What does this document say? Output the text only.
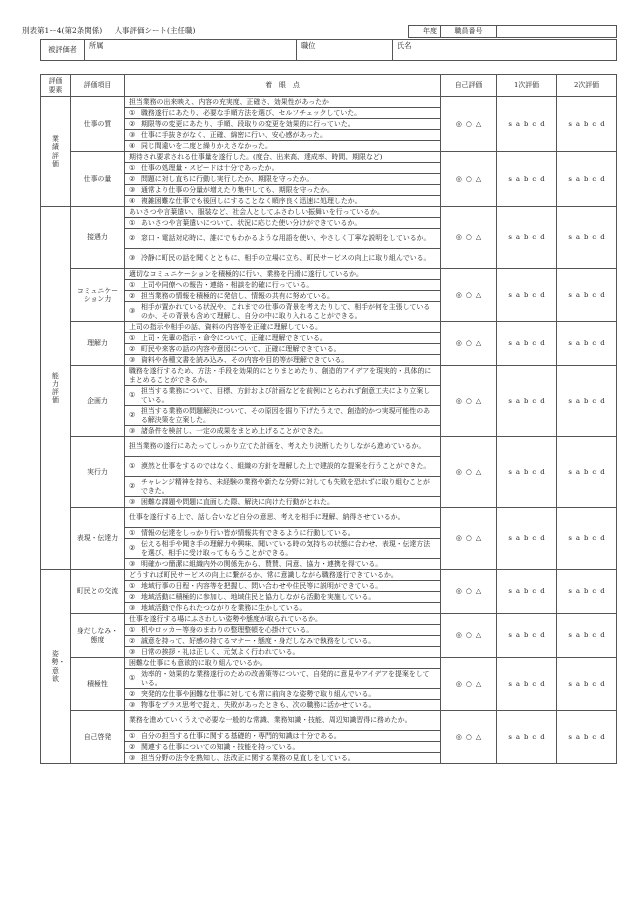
別表第1ー4(第2条関係) 人事評価シート(主任職)	年度	職員番号	
被評価者	所属	職位	氏名
評価
要素	評価項目	着　眼　点	自己評価	1次評価	2次評価
業績評価	仕事の質	担当業務の出来映え、内容の充実度、正確さ、効果性があったか	◎ ○ △	s a b c d	s a b c d

		① 職務遂行にあたり、必要な手順方法を選び、セルフチェックしていた。			

		② 期限等の変更にあたり、手順、段取りの変更を効果的に行っていた。			

		③ 仕事に手抜きがなく、正確、綿密に行い、安心感があった。			

		④ 同じ間違いを二度と繰りかえさなかった。			

	仕事の量	期待され要求される仕事量を遂行した。(度合、出来高、達成率、時間、期限など)	◎ ○ △	s a b c d	s a b c d

		① 仕事の処理量・スピードは十分であったか。			

		② 問題に対し直ちに行動し実行したか、期限を守ったか。			

		③ 通常より仕事の分量が增えたり集中しても、期限を守ったか。			

		④ 複雑困難な仕事でも後回しにすることなく順序良く迅速に処理したか。			

能力評価	接遇力	あいさつや言葉遣い、服装など、社会人としてふさわしい振舞いを行っているか。	◎ ○ △	s a b c d	s a b c d

		① あいさつや言葉遣いについて、状況に応じた使い分けができているか。			

		② 窓口・電話対応時に、誰にでもわかるような用語を使い、やさしく丁寧な説明をしているか。			

		③ 冷静に町民の話を聞くとともに、相手の立場に立ち、町民サービスの向上に取り組んでいる。			

	コミュニケーション力	適切なコミュニケーションを積極的に行い、業務を円滑に遂行しているか。	◎ ○ △	s a b c d	s a b c d

		① 上司や同僚への報告・連絡・相談を的確に行っている。			

		② 担当業務の情報を積極的に発信し、情報の共有に努めている。			

		③
相手が置かれている状況や、これまでの仕事の背景を考えたりして、相手が何を主張しているのか、その背景も含めて理解し、自分の中に取り入れることができる。			

	理解力	上司の指示や相手の話、資料の内容等を正確に理解している。	◎ ○ △	s a b c d	s a b c d

		① 上司・先輩の指示・命令について、正確に理解できている。			

		② 町民や来客の話の内容や意図について、正確に理解できている。			

		③ 資料や各種文書を読み込み、その内容や目的等が理解できている。			

	企画力	職務を遂行するため、方法・手段を効果的にとりまとめたり、創造的アイデアを現実的・具体的にまとめることができるか。	◎ ○ △	s a b c d	s a b c d

		①
担当する業務について、目標、方針および計画などを前例にとらわれず創意工夫により立案している。			

		②
担当する業務の問題解決について、その原因を掘り下げたうえで、創造的かつ実現可能性のある解決策を立案した。			

		③ 諸条件を検討し、一定の成果をまとめ上げることができた。			

	実行力	担当業務の遂行にあたってしっかり立てた計画を、考えたり決断したりしながら進めているか。	◎ ○ △	s a b c d	s a b c d

		① 漠然と仕事をするのではなく、組織の方針を理解した上で建設的な提案を行うことができた。			

		②
チャレンジ精神を持ち、未経験の業務や新たな分野に対しても失敗を恐れずに取り組むことができた。			

		③ 困難な課題や問題に直面した際、解決に向けた行動がとれた。			

	表現・伝達力	仕事を遂行する上で、話し合いなど自分の意思、考えを相手に理解、納得させているか。	◎ ○ △	s a b c d	s a b c d

		① 情報の伝達をしっかり行い皆が情報共有できるように行動している。			

		②
伝える相手や聞き手の理解力や興味、聞いている時の気持ちの状態に合わせ、表現・伝達方法を選び、相手に受け取ってもらうことができる。			

		③ 明確かつ簡潔に組織内外の関係先から、賛賛、同意、協力・連携を得ている。			

姿勢・意欲	町民との交流	どうすれば町民サービスの向上に繋がるか、常に意識しながら職務遂行できているか。	◎ ○ △	s a b c d	s a b c d

		① 地域行事の日程・内容等を把握し、問い合わせや住民等に説明ができている。			

		② 地域活動に積極的に参加し、地域住民と協力しながら活動を実施している。			

		③ 地域活動で作られたつながりを業務に生かしている。			

	身だしなみ・態度	仕事を遂行する場にふさわしい姿勢や態度が取られているか。	◎ ○ △	s a b c d	s a b c d

		① 机やロッカー等身のまわりの整理整頓を心掛けている。			

		② 誠意を持って、好感の持てるマナー・態度・身だしなみで執務をしている。			

		③ 日常の挨拶・礼は正しく、元気よく行われている。			

	積極性	困難な仕事にも意欲的に取り組んでいるか。	◎ ○ △	s a b c d	s a b c d

		①
効率的・効果的な業務遂行のための改善策等について、自発的に意見やアイデアを提案をしている。			

		② 突発的な仕事や困難な仕事に対しても常に前向きな姿勢で取り組んでいる。			

		③ 物事をプラス思考で捉え、失敗があったときも、次の職務に活かせている。			

	自己啓発	業務を進めていくうえで必要な一般的な常識、業務知識・技能、周辺知識習得に務めたか。	◎ ○ △	s a b c d	s a b c d

		① 自分の担当する仕事に関する基礎的・専門的知識は十分である。			

		② 関連する仕事についての知識・技能を持っている。			

		③ 担当分野の法令を熟知し、法改正に関する業務の見直しをしている。			
